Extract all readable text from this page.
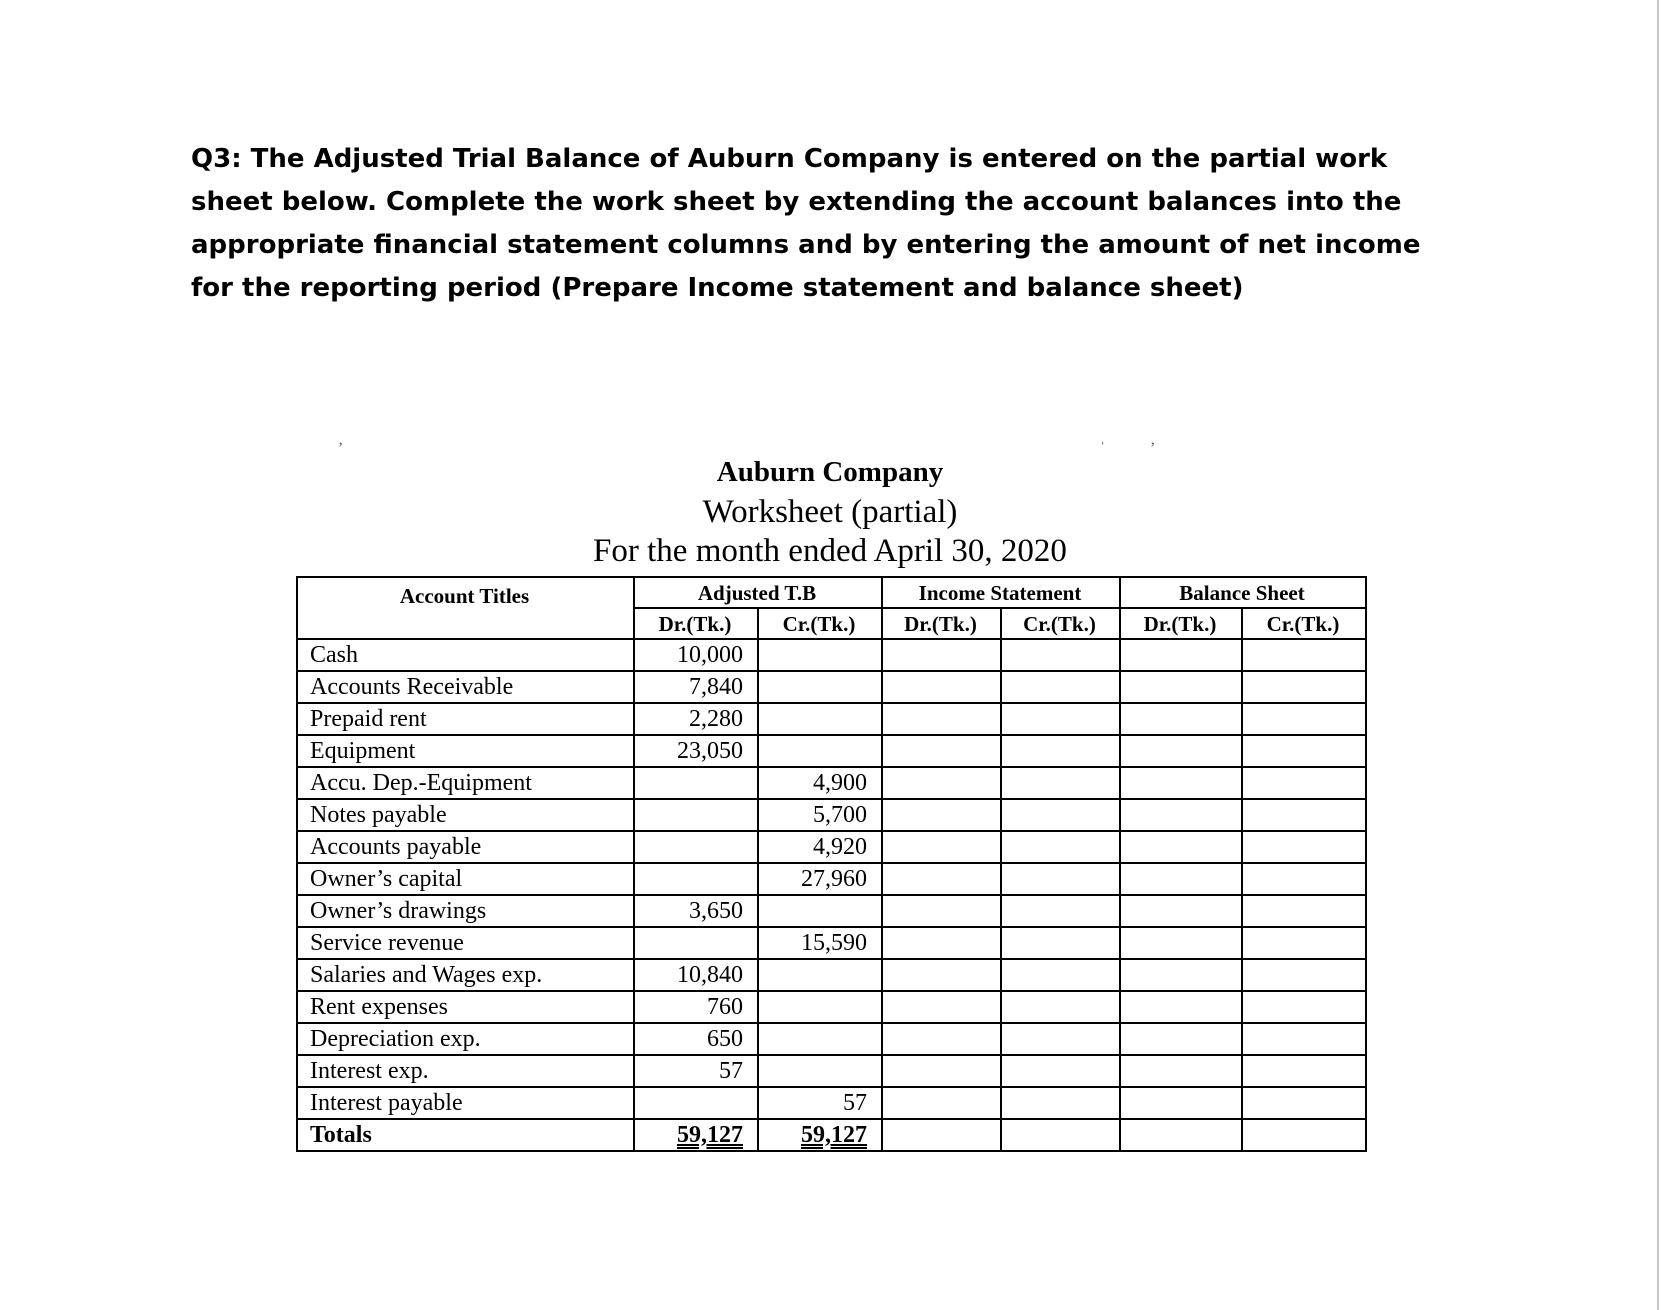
Q3: The Adjusted Trial Balance of Auburn Company is entered on the partial work sheet below. Complete the work sheet by extending the account balances into the appropriate financial statement columns and by entering the amount of net income for the reporting period (Prepare Income statement and balance sheet)

’	ˈ	’
Auburn Company
Worksheet (partial)
For the month ended April 30, 2020
Account Titles	Adjusted T.B		Income Statement		Balance Sheet	
	Dr.(Tk.)	Cr.(Tk.)	Dr.(Tk.)	Cr.(Tk.)	Dr.(Tk.)	Cr.(Tk.)
Cash	10,000					
Accounts Receivable	7,840					
Prepaid rent	2,280					
Equipment	23,050					
Accu. Dep.-Equipment		4,900				
Notes payable		5,700				
Accounts payable		4,920				
Owner’s capital		27,960				
Owner’s drawings	3,650					
Service revenue		15,590				
Salaries and Wages exp.	10,840					
Rent expenses	760					
Depreciation exp.	650					
Interest exp.	57					
Interest payable		57				
Totals	59,127	59,127				
